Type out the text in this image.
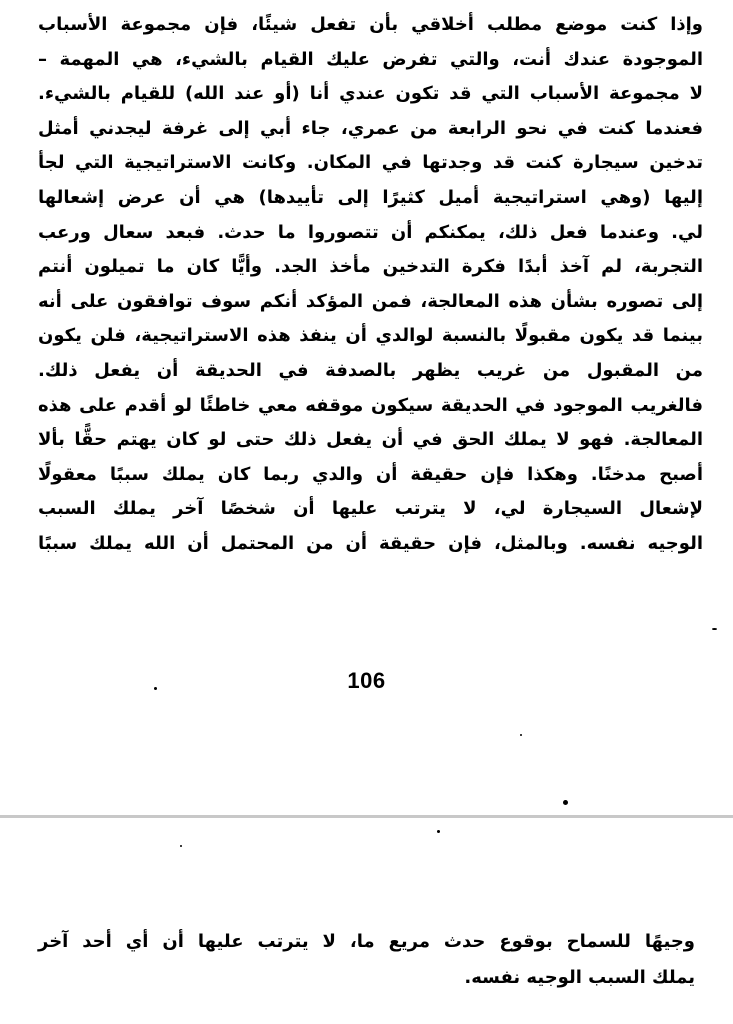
وإذا كنت موضع مطلب أخلاقي بأن تفعل شيئًا، فإن مجموعة الأسباب
الموجودة عندك أنت، والتي تفرض عليك القيام بالشيء، هي المهمة –
لا مجموعة الأسباب التي قد تكون عندي أنا (أو عند الله) للقيام بالشيء.
فعندما كنت في نحو الرابعة من عمري، جاء أبي إلى غرفة ليجدني أمثل
تدخين سيجارة كنت قد وجدتها في المكان. وكانت الاستراتيجية التي لجأ
إليها (وهي استراتيجية أميل كثيرًا إلى تأييدها) هي أن عرض إشعالها
لي. وعندما فعل ذلك، يمكنكم أن تتصوروا ما حدث. فبعد سعال ورعب
التجربة، لم آخذ أبدًا فكرة التدخين مأخذ الجد. وأيًّا كان ما تميلون أنتم
إلى تصوره بشأن هذه المعالجة، فمن المؤكد أنكم سوف توافقون على أنه
بينما قد يكون مقبولًا بالنسبة لوالدي أن ينفذ هذه الاستراتيجية، فلن يكون
من المقبول من غريب يظهر بالصدفة في الحديقة أن يفعل ذلك.
فالغريب الموجود في الحديقة سيكون موقفه معي خاطئًا لو أقدم على هذه
المعالجة. فهو لا يملك الحق في أن يفعل ذلك حتى لو كان يهتم حقًّا بألا
أصبح مدخنًا. وهكذا فإن حقيقة أن والدي ربما كان يملك سببًا معقولًا
لإشعال السيجارة لي، لا يترتب عليها أن شخصًا آخر يملك السبب
الوجيه نفسه. وبالمثل، فإن حقيقة أن من المحتمل أن الله يملك سببًا
106
وجيهًا للسماح بوقوع حدث مريع ما، لا يترتب عليها أن أي أحد آخر
يملك السبب الوجيه نفسه.
